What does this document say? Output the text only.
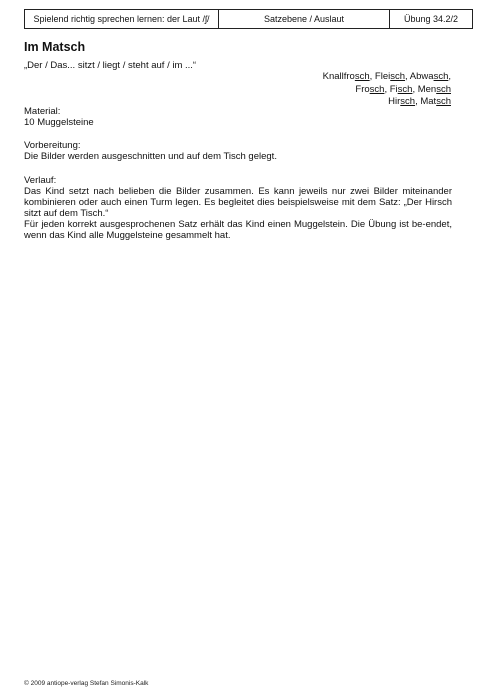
Spielend richtig sprechen lernen: der Laut /ʃ/	Satzebene / Auslaut	Übung 34.2/2
Im Matsch

„Der / Das... sitzt / liegt / steht auf / im ...“

Knallfrosch, Fleisch, Abwasch,
Frosch, Fisch, Mensch
Hirsch, Matsch
Material:
10 Muggelsteine
Vorbereitung:
Die Bilder werden ausgeschnitten und auf dem Tisch gelegt.

Verlauf:

Das Kind setzt nach belieben die Bilder zusammen. Es kann jeweils nur zwei Bilder miteinander kombinieren oder auch einen Turm legen. Es begleitet dies beispielsweise mit dem Satz: „Der Hirsch sitzt auf dem Tisch.“

Für jeden korrekt ausgesprochenen Satz erhält das Kind einen Muggelstein. Die Übung ist be-endet, wenn das Kind alle Muggelsteine gesammelt hat.

© 2009 antiope-verlag Stefan Simonis-Kalk
